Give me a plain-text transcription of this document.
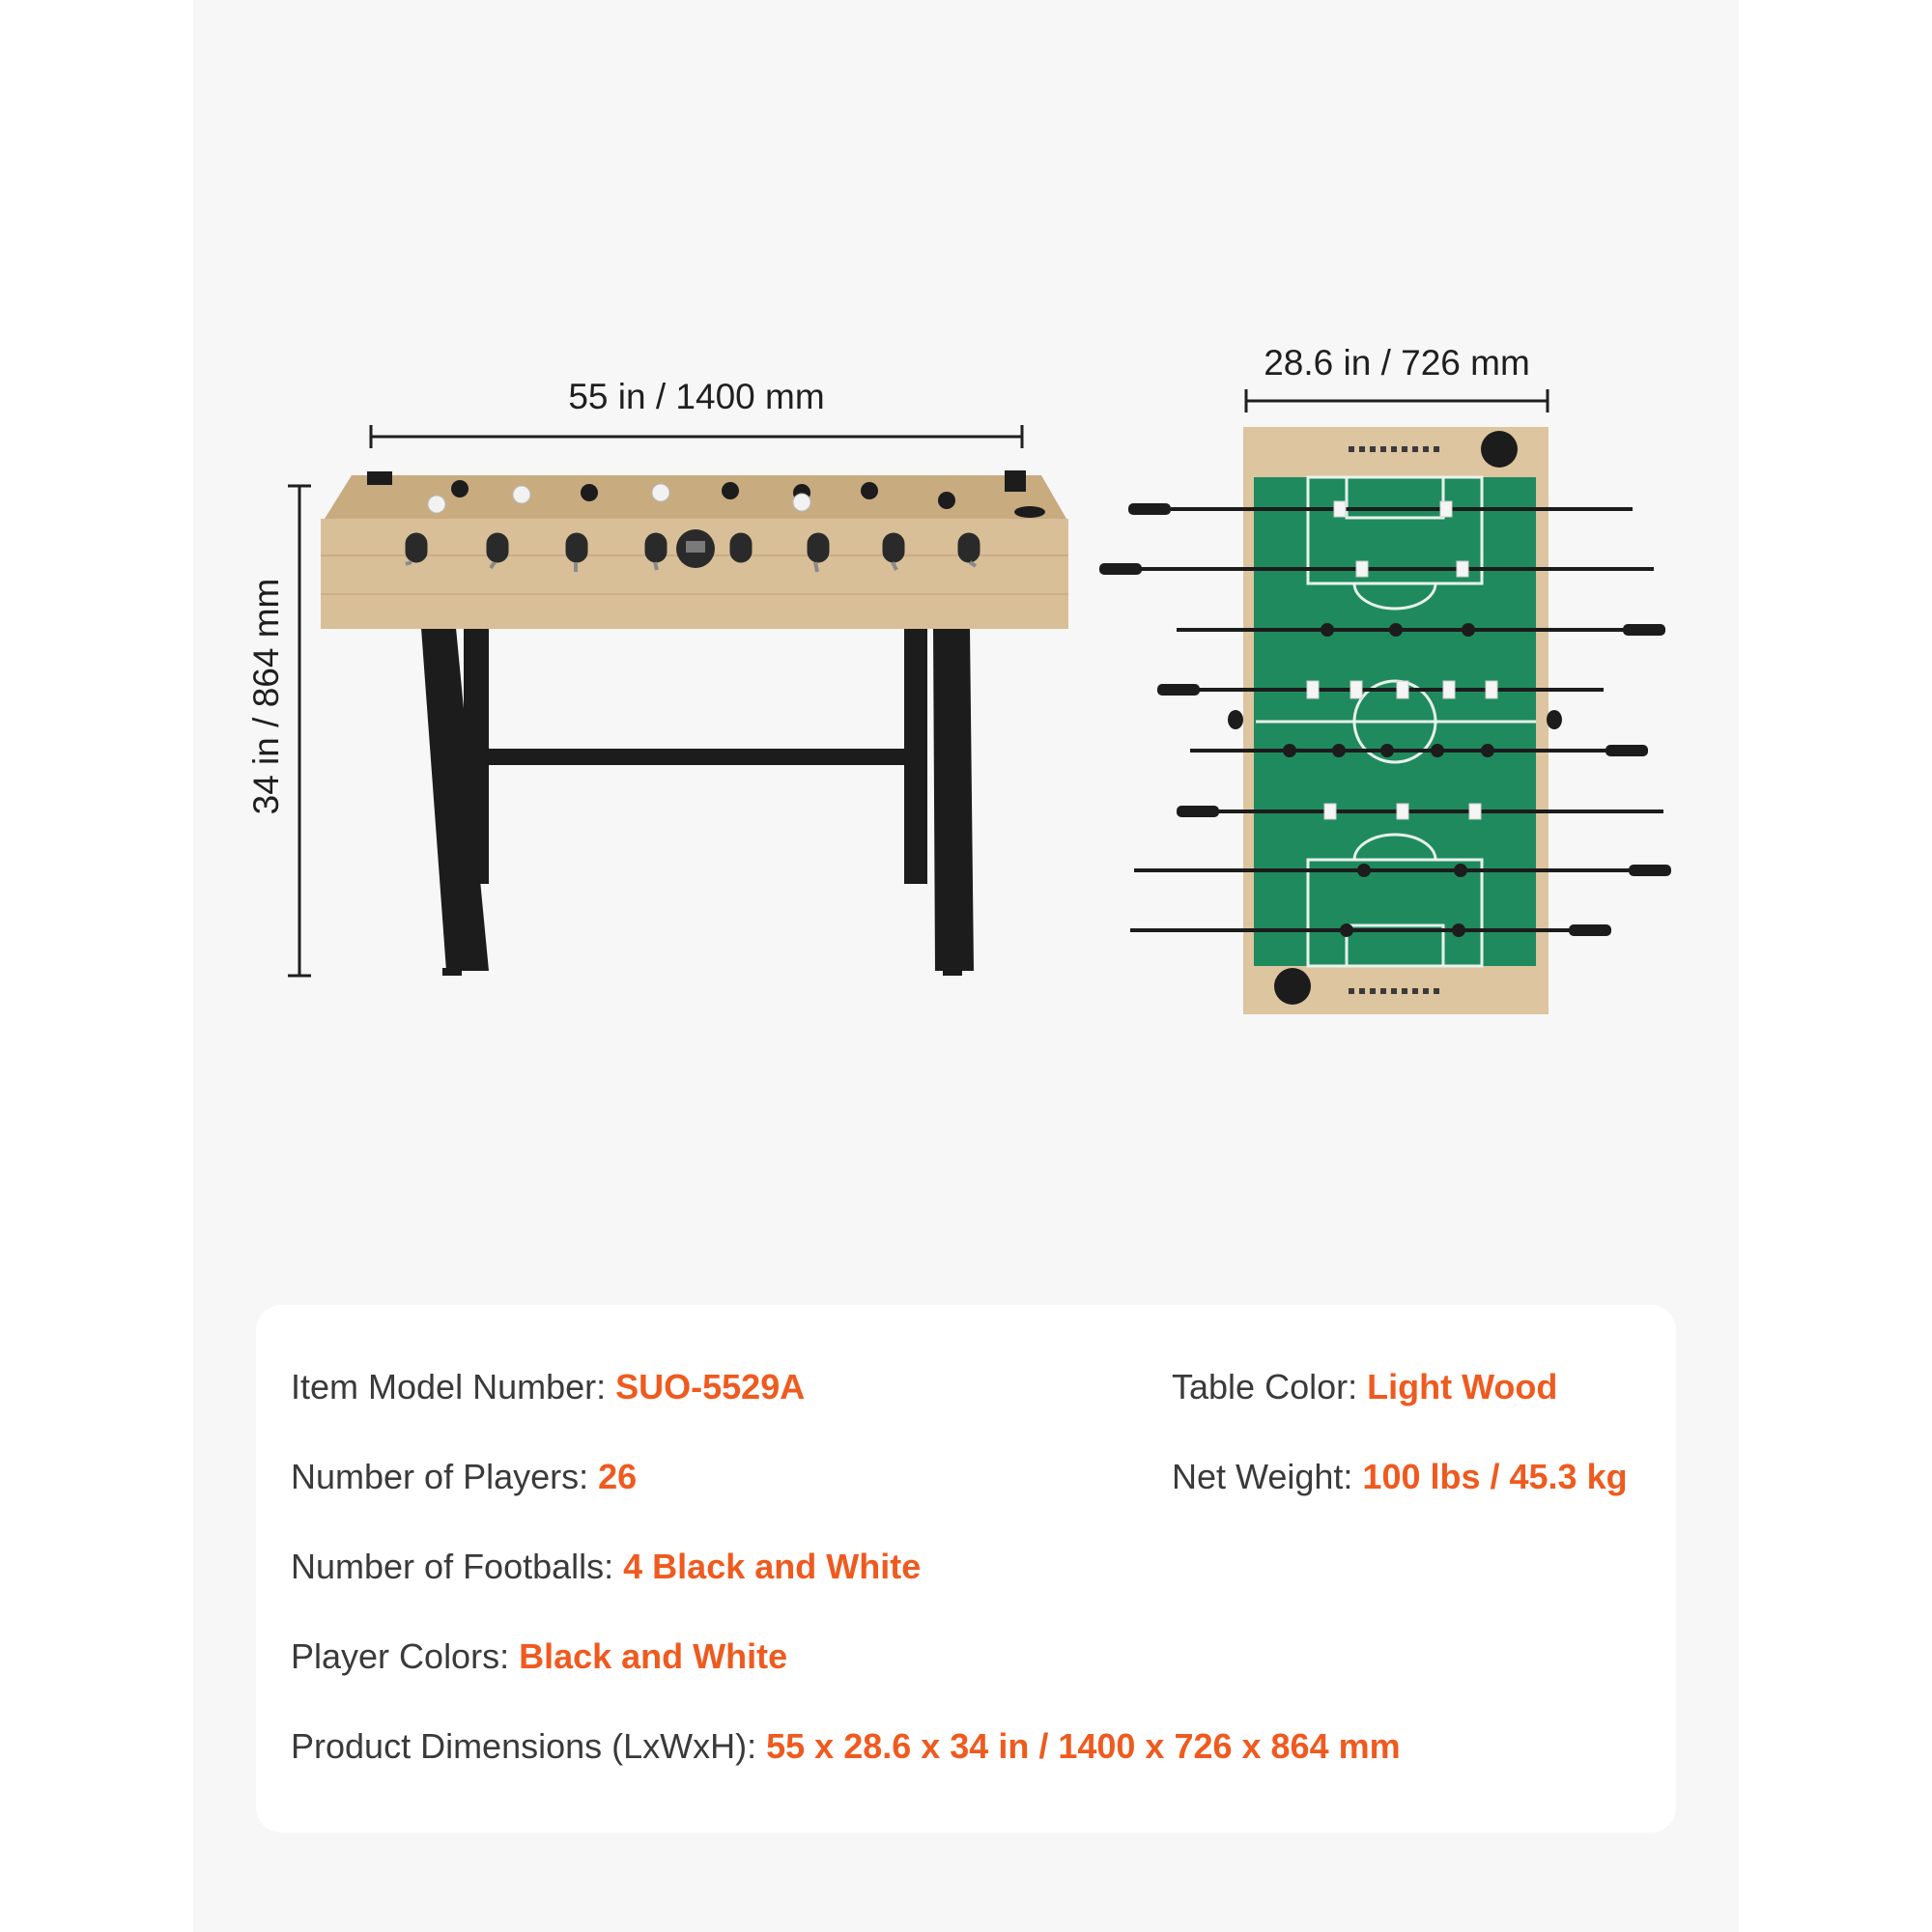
55 in / 1400 mm
28.6 in / 726 mm
34 in / 864 mm
Item Model Number: SUO-5529A	Table Color: Light Wood
Number of Players: 26	Net Weight: 100 lbs / 45.3 kg
Number of Footballs: 4 Black and White
Player Colors: Black and White
Product Dimensions (LxWxH): 55 x 28.6 x 34 in / 1400 x 726 x 864 mm
